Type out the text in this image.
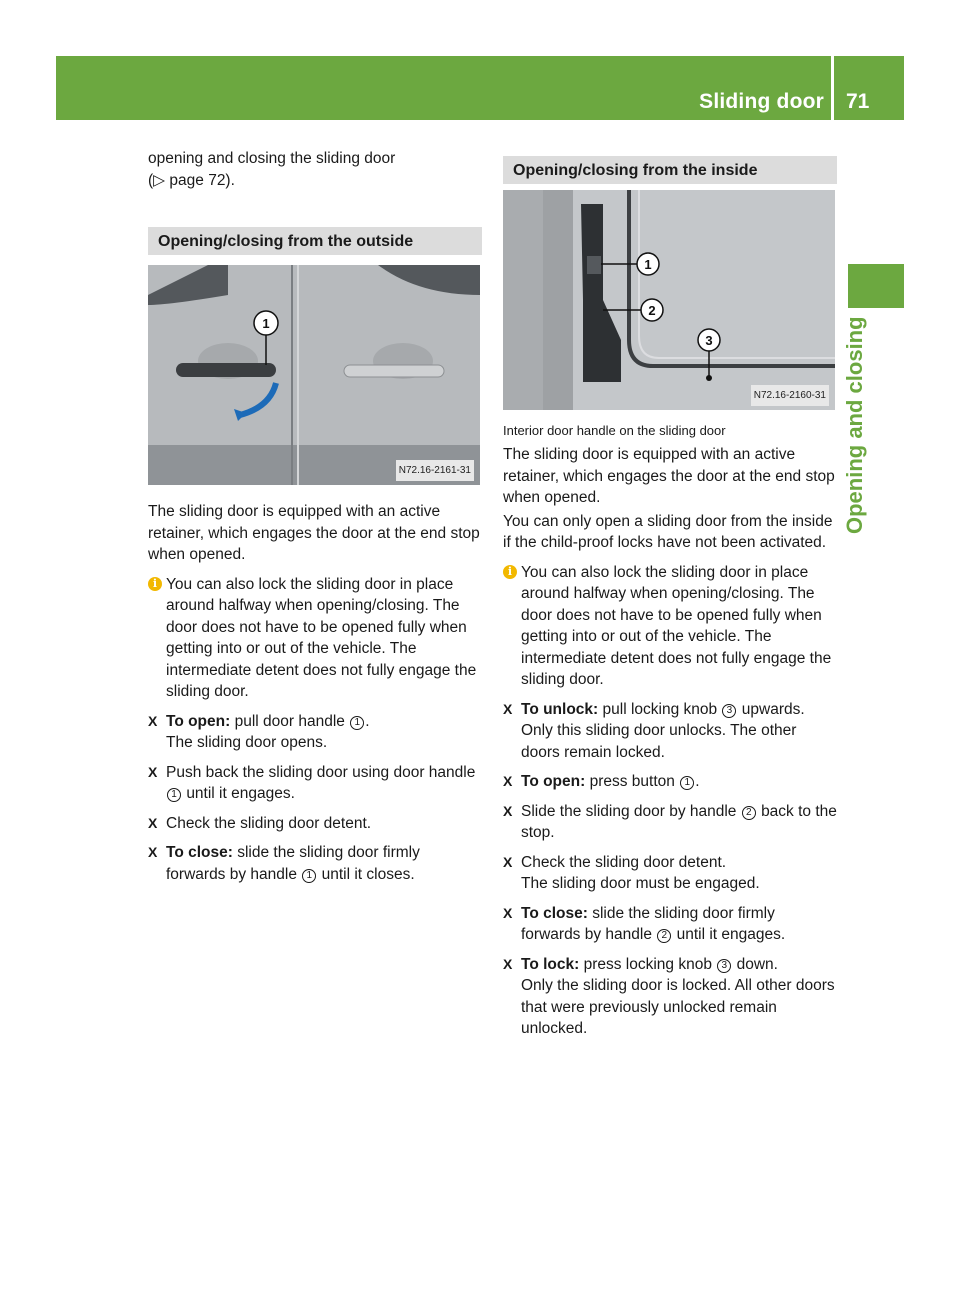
Sliding door 71
Opening and closing
opening and closing the sliding door
(▷ page 72).
Opening/closing from the outside
1
N72.16-2161-31

The sliding door is equipped with an active retainer, which engages the door at the end stop when opened.

i You can also lock the sliding door in place around halfway when opening/closing. The door does not have to be opened fully when getting into or out of the vehicle. The intermediate detent does not fully engage the sliding door.
X To open: pull door handle 1 .
The sliding door opens.
X Push back the sliding door using door handle 1 until it engages.
X Check the sliding door detent.
X To close: slide the sliding door firmly forwards by handle 1 until it closes.
Opening/closing from the inside
1
2
3
N72.16-2160-31
Interior door handle on the sliding door

The sliding door is equipped with an active retainer, which engages the door at the end stop when opened.

You can only open a sliding door from the inside if the child-proof locks have not been activated.

i You can also lock the sliding door in place around halfway when opening/closing. The door does not have to be opened fully when getting into or out of the vehicle. The intermediate detent does not fully engage the sliding door.
X To unlock: pull locking knob 3 upwards.
Only this sliding door unlocks. The other doors remain locked.
X To open: press button 1 .
X Slide the sliding door by handle 2 back to the stop.
X Check the sliding door detent.
The sliding door must be engaged.
X To close: slide the sliding door firmly forwards by handle 2 until it engages.
X To lock: press locking knob 3 down.
Only the sliding door is locked. All other doors that were previously unlocked remain unlocked.
